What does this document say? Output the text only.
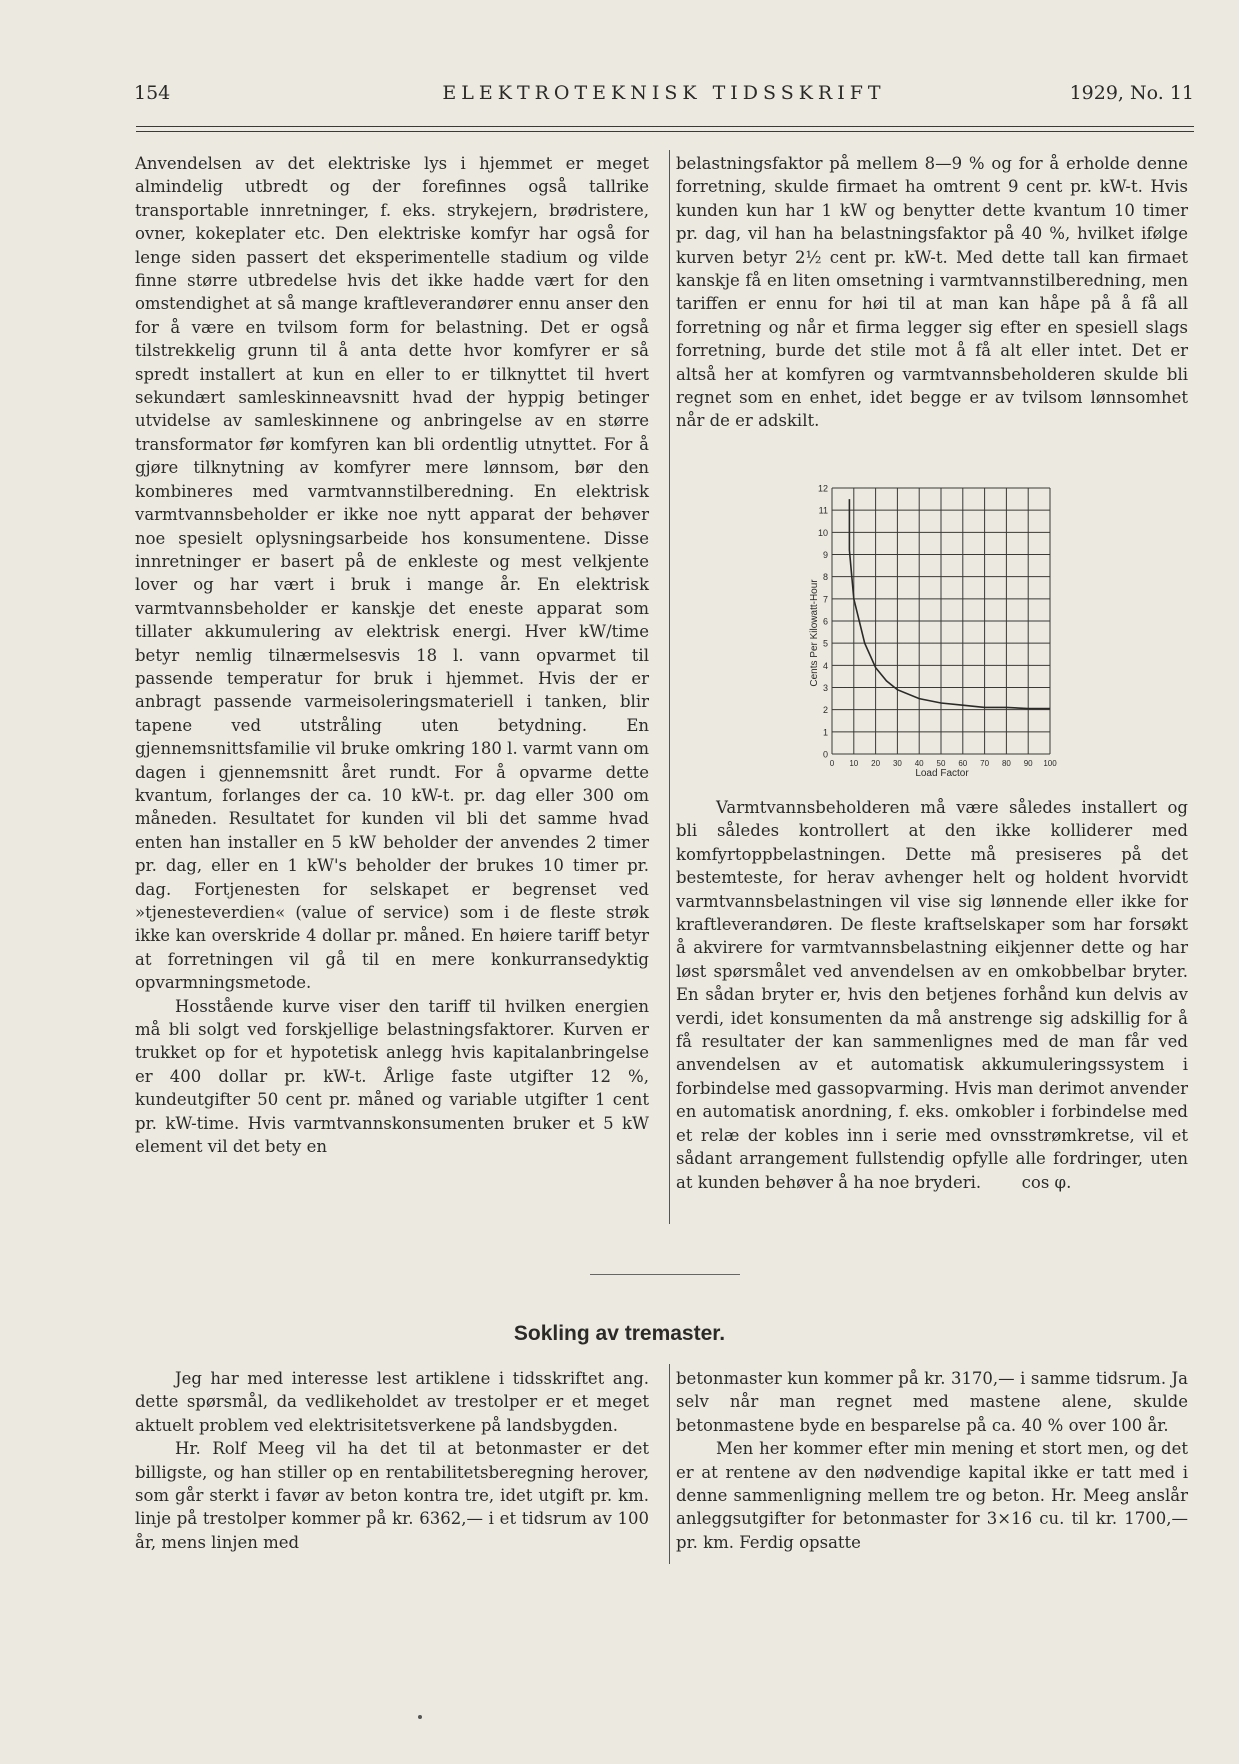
154	ELEKTROTEKNISK TIDSSKRIFT	1929, No. 11

Anvendelsen av det elektriske lys i hjemmet er meget almindelig utbredt og der forefinnes også tallrike transportable innretninger, f. eks. strykejern, brødristere, ovner, kokeplater etc. Den elektriske komfyr har også for lenge siden passert det eksperimentelle stadium og vilde finne større utbredelse hvis det ikke hadde vært for den omstendighet at så mange kraftleverandører ennu anser den for å være en tvilsom form for belastning. Det er også tilstrekkelig grunn til å anta dette hvor komfyrer er så spredt installert at kun en eller to er tilknyttet til hvert sekundært samleskinneavsnitt hvad der hyppig betinger utvidelse av samleskinnene og anbringelse av en større transformator før komfyren kan bli ordentlig utnyttet. For å gjøre tilknytning av komfyrer mere lønnsom, bør den kombineres med varmtvannstilberedning. En elektrisk varmtvannsbeholder er ikke noe nytt apparat der behøver noe spesielt oplysningsarbeide hos konsumentene. Disse innretninger er basert på de enkleste og mest velkjente lover og har vært i bruk i mange år. En elektrisk varmtvannsbeholder er kanskje det eneste apparat som tillater akkumulering av elektrisk energi. Hver kW/time betyr nemlig tilnærmelsesvis 18 l. vann opvarmet til passende temperatur for bruk i hjemmet. Hvis der er anbragt passende varmeisoleringsmateriell i tanken, blir tapene ved utstråling uten betydning. En gjennemsnittsfamilie vil bruke omkring 180 l. varmt vann om dagen i gjennemsnitt året rundt. For å opvarme dette kvantum, forlanges der ca. 10 kW-t. pr. dag eller 300 om måneden. Resultatet for kunden vil bli det samme hvad enten han installer en 5 kW beholder der anvendes 2 timer pr. dag, eller en 1 kW's beholder der brukes 10 timer pr. dag. Fortjenesten for selskapet er begrenset ved »tjenesteverdien« (value of service) som i de fleste strøk ikke kan overskride 4 dollar pr. måned. En høiere tariff betyr at forretningen vil gå til en mere konkurransedyktig opvarmningsmetode.

Hosstående kurve viser den tariff til hvilken energien må bli solgt ved forskjellige belastningsfaktorer. Kurven er trukket op for et hypotetisk anlegg hvis kapitalanbringelse er 400 dollar pr. kW-t. Årlige faste utgifter 12 %, kundeutgifter 50 cent pr. måned og variable utgifter 1 cent pr. kW-time. Hvis varmtvannskonsumenten bruker et 5 kW element vil det bety en

belastningsfaktor på mellem 8—9 % og for å erholde denne forretning, skulde firmaet ha omtrent 9 cent pr. kW-t. Hvis kunden kun har 1 kW og benytter dette kvantum 10 timer pr. dag, vil han ha belastningsfaktor på 40 %, hvilket ifølge kurven betyr 2½ cent pr. kW-t. Med dette tall kan firmaet kanskje få en liten omsetning i varmtvannstilberedning, men tariffen er ennu for høi til at man kan håpe på å få all forretning og når et firma legger sig efter en spesiell slags forretning, burde det stile mot å få alt eller intet. Det er altså her at komfyren og varmtvannsbeholderen skulde bli regnet som en enhet, idet begge er av tvilsom lønnsomhet når de er adskilt.

0
1
2
3
4
5
6
7
8
9
10
11
12
0 10 20 30 40 50 60 70 80 90 100
Cents Per Kilowatt-Hour
Load Factor

Varmtvannsbeholderen må være således installert og bli således kontrollert at den ikke kolliderer med komfyrtoppbelastningen. Dette må presiseres på det bestemteste, for herav avhenger helt og holdent hvorvidt varmtvannsbelastningen vil vise sig lønnende eller ikke for kraftleverandøren. De fleste kraftselskaper som har forsøkt å akvirere for varmtvannsbelastning eikjenner dette og har løst spørsmålet ved anvendelsen av en omkobbelbar bryter. En sådan bryter er, hvis den betjenes forhånd kun delvis av verdi, idet konsumenten da må anstrenge sig adskillig for å få resultater der kan sammenlignes med de man får ved anvendelsen av et automatisk akkumuleringssystem i forbindelse med gassopvarming. Hvis man derimot anvender en automatisk anordning, f. eks. omkobler i forbindelse med et relæ der kobles inn i serie med ovnsstrømkretse, vil et sådant arrangement fullstendig opfylle alle fordringer, uten at kunden behøver å ha noe bryderi. cos φ.

Sokling av tremaster.

Jeg har med interesse lest artiklene i tidsskriftet ang. dette spørsmål, da vedlikeholdet av trestolper er et meget aktuelt problem ved elektrisitetsverkene på landsbygden.

Hr. Rolf Meeg vil ha det til at betonmaster er det billigste, og han stiller op en rentabilitetsberegning herover, som går sterkt i favør av beton kontra tre, idet utgift pr. km. linje på trestolper kommer på kr. 6362,— i et tidsrum av 100 år, mens linjen med

betonmaster kun kommer på kr. 3170,— i samme tidsrum. Ja selv når man regnet med mastene alene, skulde betonmastene byde en besparelse på ca. 40 % over 100 år.

Men her kommer efter min mening et stort men, og det er at rentene av den nødvendige kapital ikke er tatt med i denne sammenligning mellem tre og beton. Hr. Meeg anslår anleggsutgifter for betonmaster for 3×16 cu. til kr. 1700,— pr. km. Ferdig opsatte
